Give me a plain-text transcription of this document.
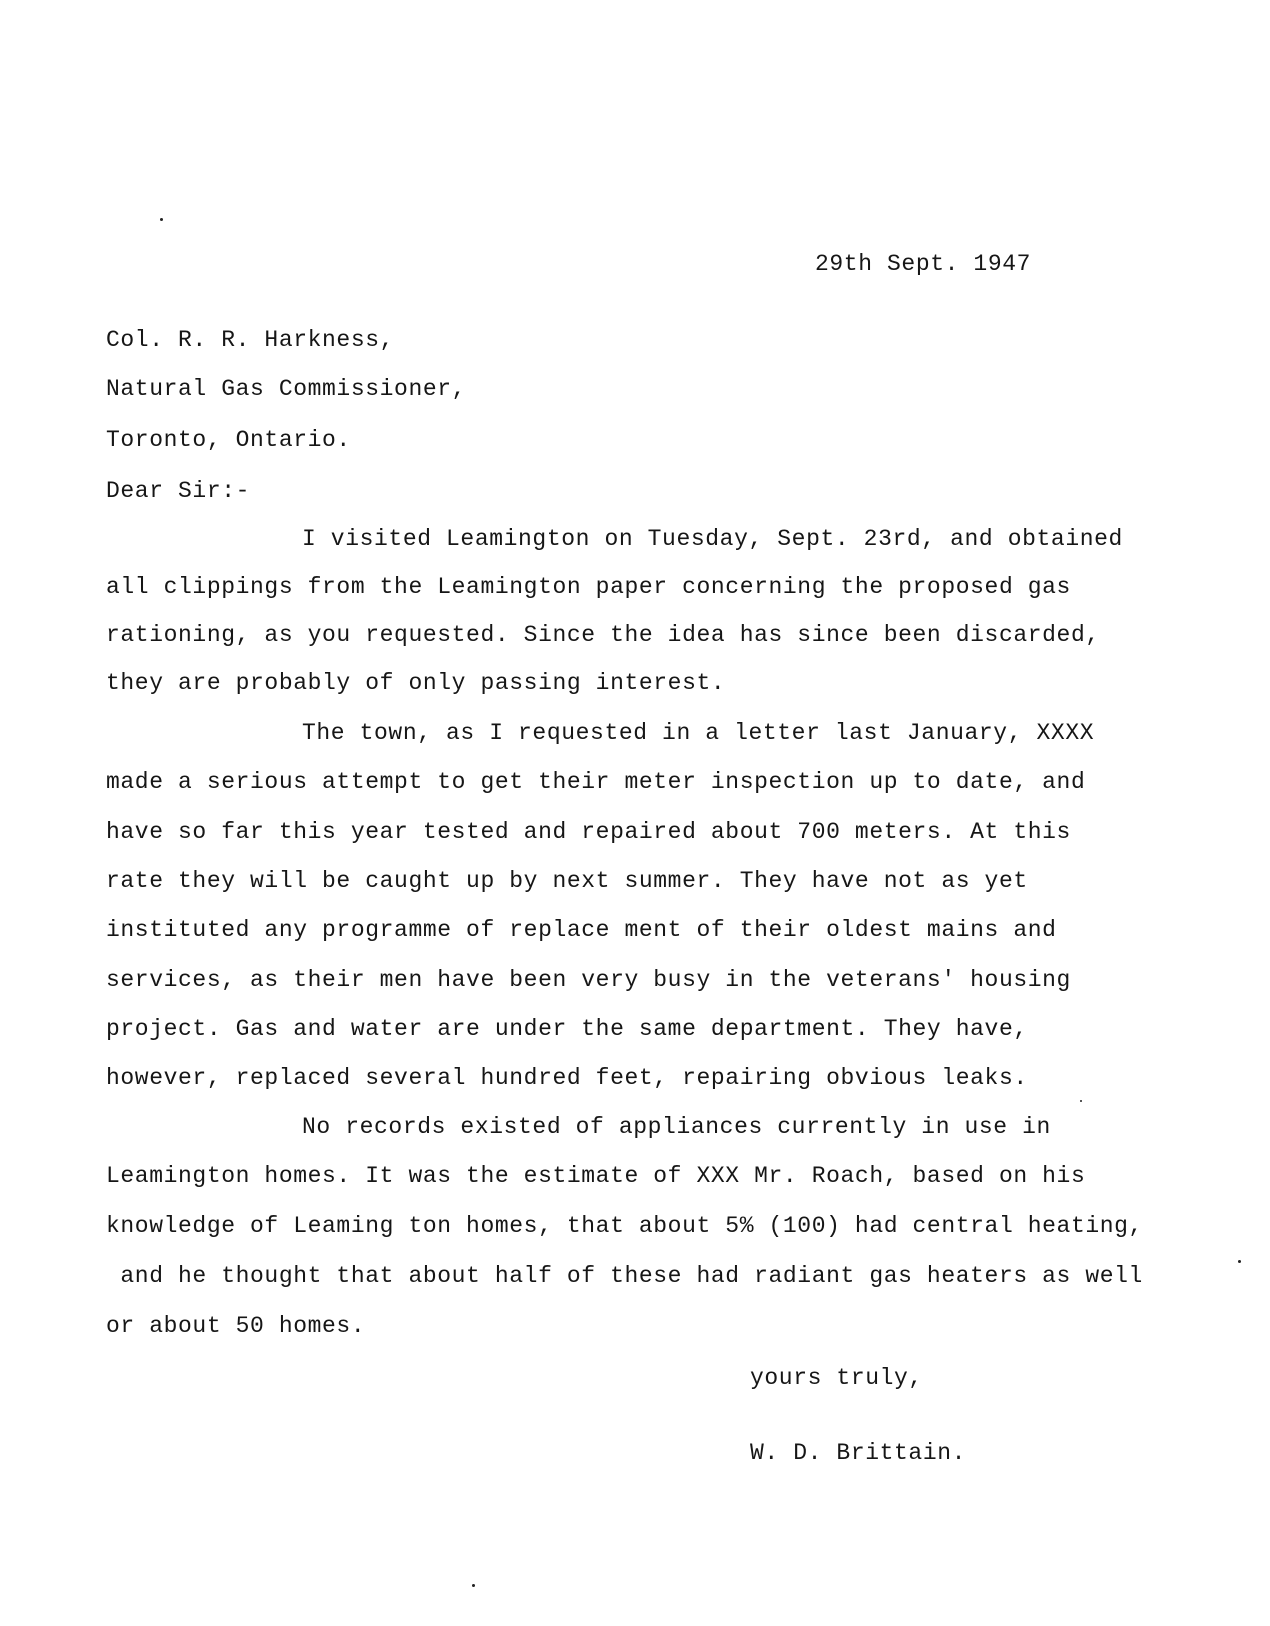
29th Sept. 1947
Col. R. R. Harkness,
Natural Gas Commissioner,
Toronto, Ontario.
Dear Sir:-
I visited Leamington on Tuesday, Sept. 23rd, and obtained
all clippings from the Leamington paper concerning the proposed gas
rationing, as you requested. Since the idea has since been discarded,
they are probably of only passing interest.
The town, as I requested in a letter last January, XXXX
made a serious attempt to get their meter inspection up to date, and
have so far this year tested and repaired about 700 meters. At this
rate they will be caught up by next summer. They have not as yet
instituted any programme of replace ment of their oldest mains and
services, as their men have been very busy in the veterans' housing
project. Gas and water are under the same department. They have,
however, replaced several hundred feet, repairing obvious leaks.
No records existed of appliances currently in use in
Leamington homes. It was the estimate of XXX Mr. Roach, based on his
knowledge of Leaming ton homes, that about 5% (100) had central heating,
and he thought that about half of these had radiant gas heaters as well
or about 50 homes.
yours truly,
W. D. Brittain.
